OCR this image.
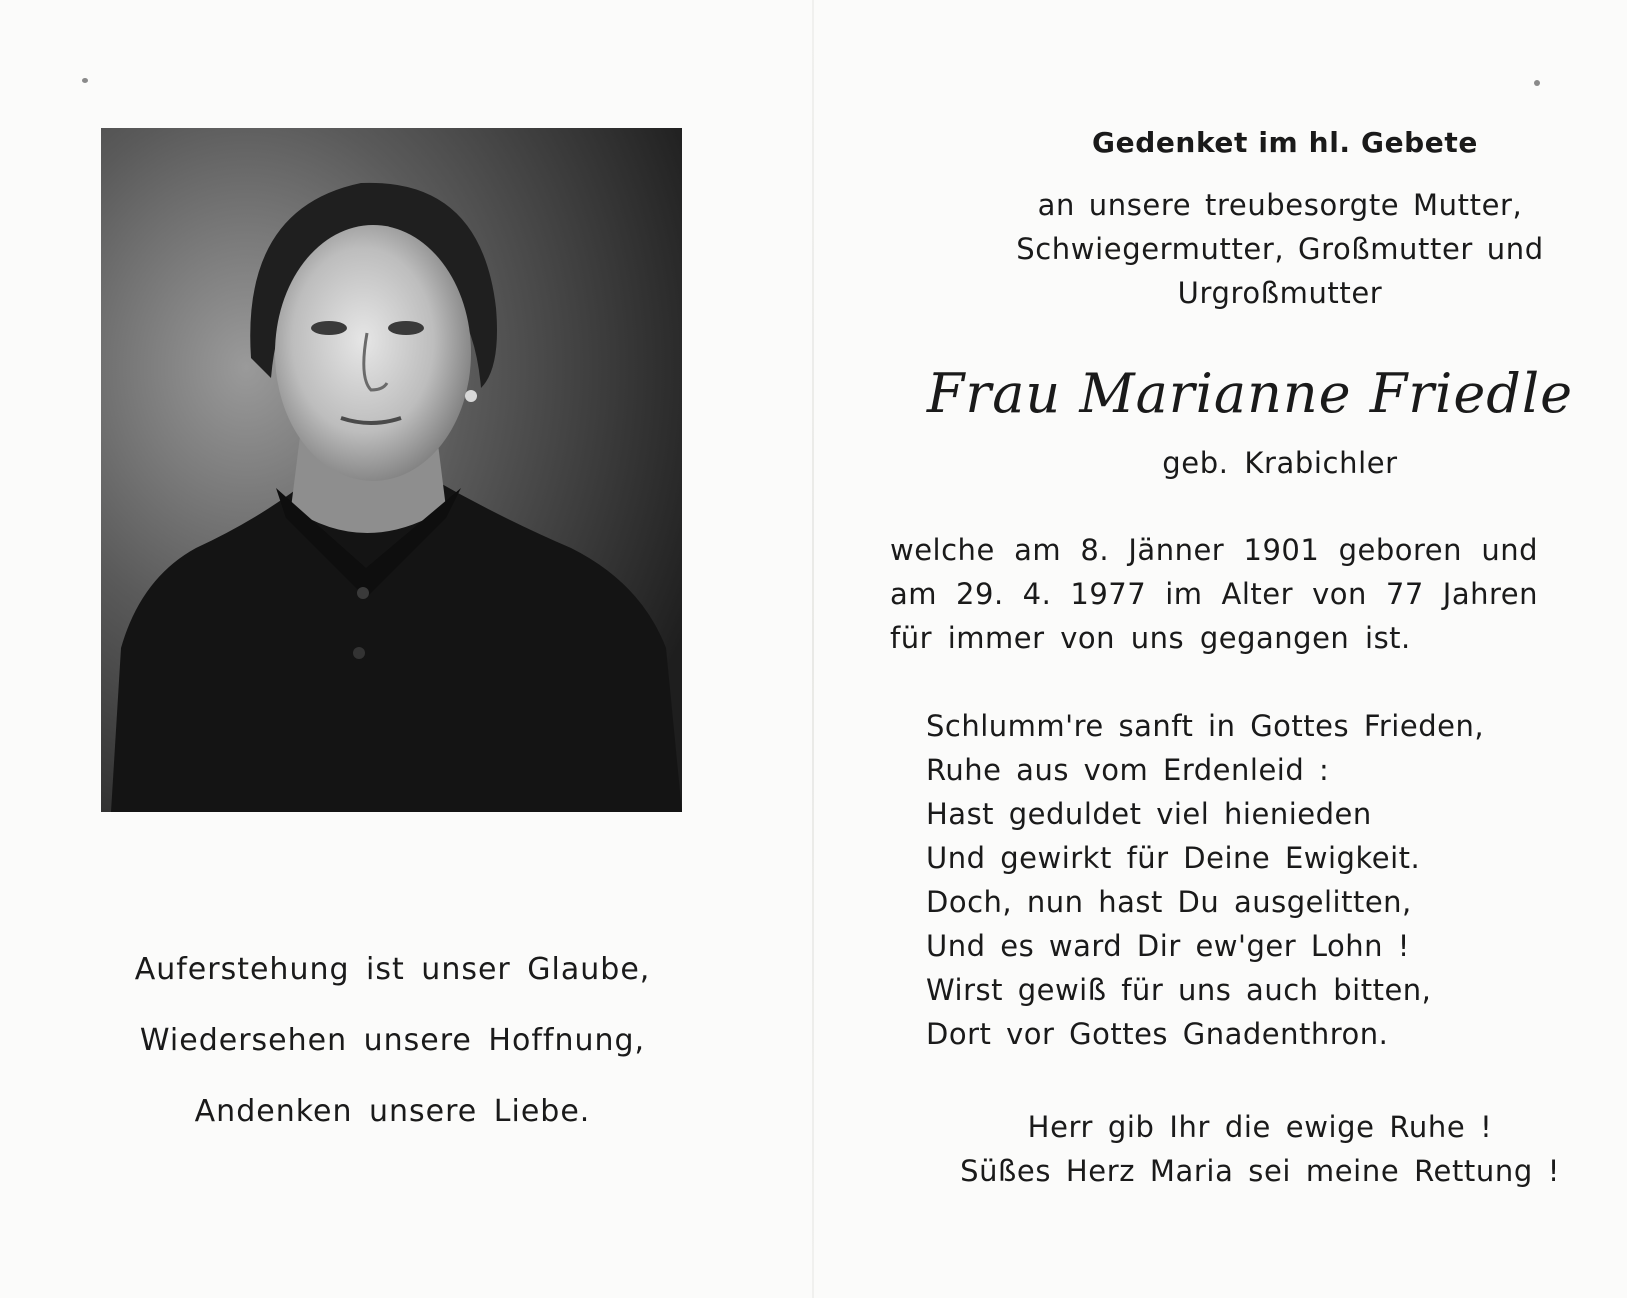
Auferstehung ist unser Glaube,
Wiedersehen unsere Hoffnung,
Andenken unsere Liebe.
Gedenket im hl. Gebete
an unsere treubesorgte Mutter,
Schwiegermutter, Großmutter und
Urgroßmutter
Frau Marianne Friedle
geb. Krabichler
welche am 8. Jänner 1901 geboren und
am 29. 4. 1977 im Alter von 77 Jahren
für immer von uns gegangen ist.
Schlumm're sanft in Gottes Frieden,
Ruhe aus vom Erdenleid :
Hast geduldet viel hienieden
Und gewirkt für Deine Ewigkeit.
Doch, nun hast Du ausgelitten,
Und es ward Dir ew'ger Lohn !
Wirst gewiß für uns auch bitten,
Dort vor Gottes Gnadenthron.
Herr gib Ihr die ewige Ruhe !
Süßes Herz Maria sei meine Rettung !
